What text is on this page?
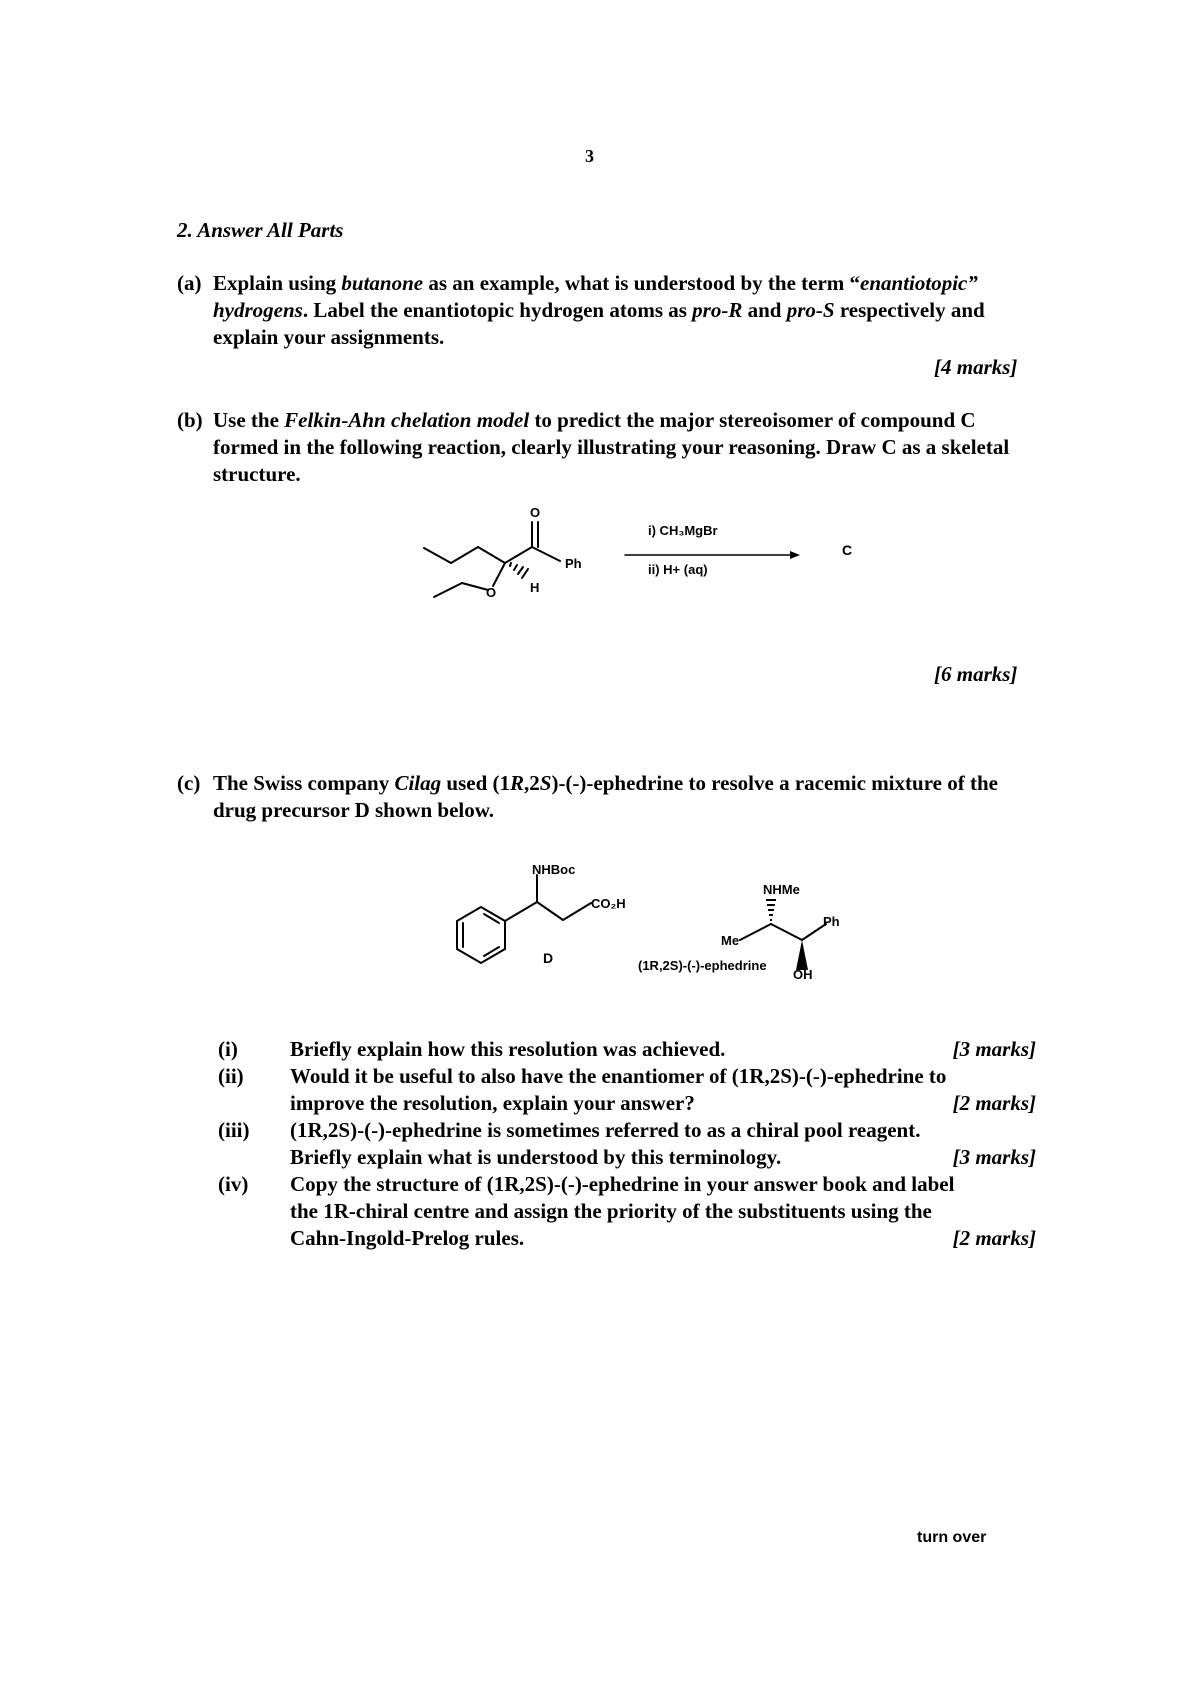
3
2. Answer All Parts
(a) Explain using butanone as an example, what is understood by the term “enantiotopic” hydrogens. Label the enantiotopic hydrogen atoms as pro-R and pro-S respectively and explain your assignments.
[4 marks]
(b) Use the Felkin-Ahn chelation model to predict the major stereoisomer of compound C formed in the following reaction, clearly illustrating your reasoning. Draw C as a skeletal structure.
O
Ph
H
O
i) CH₃MgBr
ii) H+ (aq)
C
[6 marks]
(c) The Swiss company Cilag used (1R,2S)-(-)-ephedrine to resolve a racemic mixture of the drug precursor D shown below.
NHBoc
CO₂H
D
NHMe
Ph
Me
OH
(1R,2S)-(-)-ephedrine
(i) Briefly explain how this resolution was achieved.	[3 marks]
(ii) Would it be useful to also have the enantiomer of (1R,2S)-(-)-ephedrine to improve the resolution, explain your answer?	[2 marks]
(iii) (1R,2S)-(-)-ephedrine is sometimes referred to as a chiral pool reagent. Briefly explain what is understood by this terminology.	[3 marks]
(iv) Copy the structure of (1R,2S)-(-)-ephedrine in your answer book and label the 1R-chiral centre and assign the priority of the substituents using the Cahn-Ingold-Prelog rules.	[2 marks]
turn over
